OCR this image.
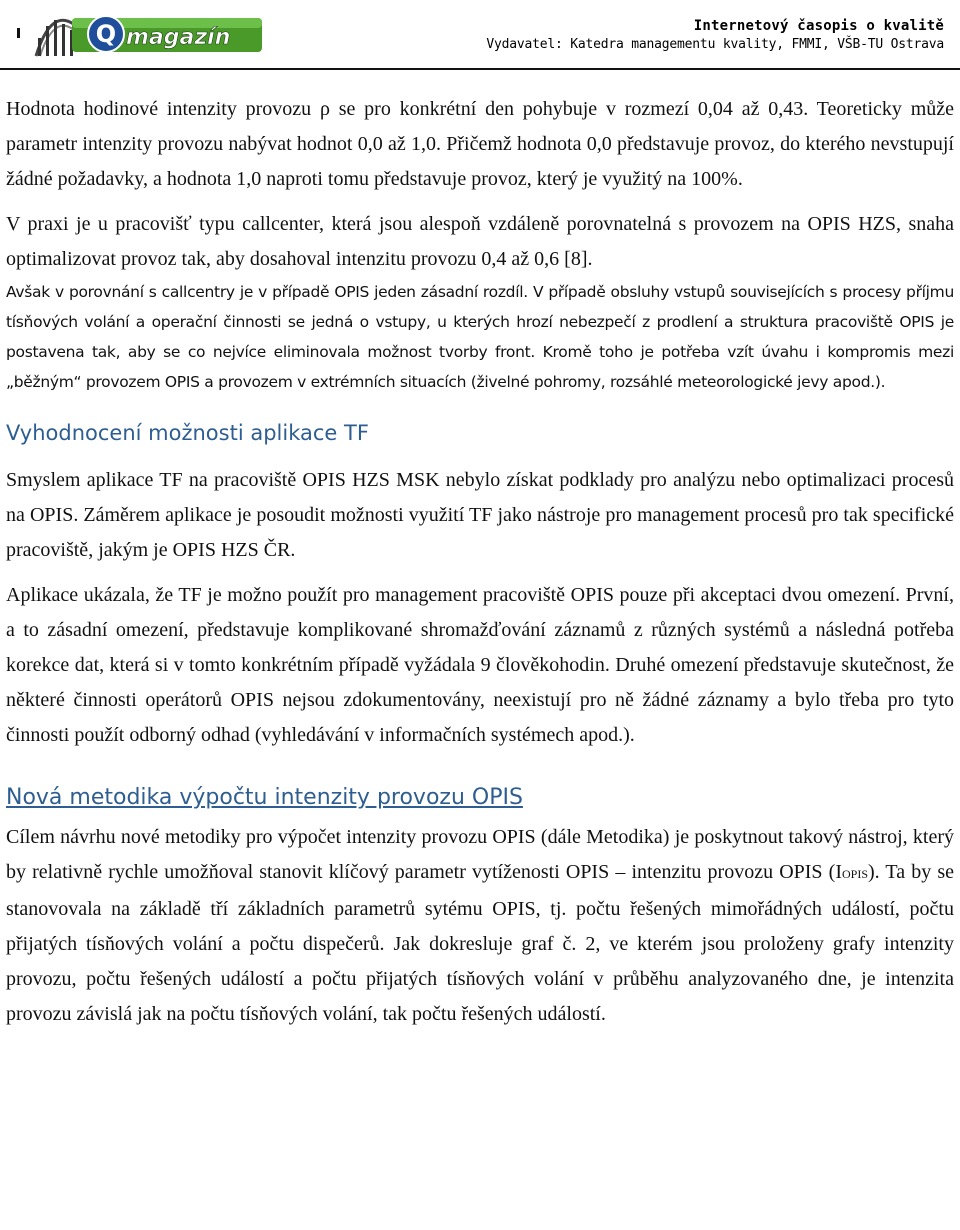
Q magazín	Internetový časopis o kvalitě
Vydavatel: Katedra managementu kvality, FMMI, VŠB-TU Ostrava

Hodnota hodinové intenzity provozu ρ se pro konkrétní den pohybuje v rozmezí 0,04 až 0,43. Teoreticky může parametr intenzity provozu nabývat hodnot 0,0 až 1,0. Přičemž hodnota 0,0 představuje provoz, do kterého nevstupují žádné požadavky, a hodnota 1,0 naproti tomu představuje provoz, který je využitý na 100%.

V praxi je u pracovišť typu callcenter, která jsou alespoň vzdáleně porovnatelná s provozem na OPIS HZS, snaha optimalizovat provoz tak, aby dosahoval intenzitu provozu 0,4 až 0,6 [8].

Avšak v porovnání s callcentry je v případě OPIS jeden zásadní rozdíl. V případě obsluhy vstupů souvisejících s procesy příjmu tísňových volání a operační činnosti se jedná o vstupy, u kterých hrozí nebezpečí z prodlení a struktura pracoviště OPIS je postavena tak, aby se co nejvíce eliminovala možnost tvorby front. Kromě toho je potřeba vzít úvahu i kompromis mezi „běžným“ provozem OPIS a provozem v extrémních situacích (živelné pohromy, rozsáhlé meteorologické jevy apod.).

Vyhodnocení možnosti aplikace TF

Smyslem aplikace TF na pracoviště OPIS HZS MSK nebylo získat podklady pro analýzu nebo optimalizaci procesů na OPIS. Záměrem aplikace je posoudit možnosti využití TF jako nástroje pro management procesů pro tak specifické pracoviště, jakým je OPIS HZS ČR.

Aplikace ukázala, že TF je možno použít pro management pracoviště OPIS pouze při akceptaci dvou omezení. První, a to zásadní omezení, představuje komplikované shromažďování záznamů z různých systémů a následná potřeba korekce dat, která si v tomto konkrétním případě vyžádala 9 člověkohodin. Druhé omezení představuje skutečnost, že některé činnosti operátorů OPIS nejsou zdokumentovány, neexistují pro ně žádné záznamy a bylo třeba pro tyto činnosti použít odborný odhad (vyhledávání v informačních systémech apod.).

Nová metodika výpočtu intenzity provozu OPIS

Cílem návrhu nové metodiky pro výpočet intenzity provozu OPIS (dále Metodika) je poskytnout takový nástroj, který by relativně rychle umožňoval stanovit klíčový parametr vytíženosti OPIS – intenzitu provozu OPIS (IOPIS). Ta by se stanovovala na základě tří základních parametrů sytému OPIS, tj. počtu řešených mimořádných událostí, počtu přijatých tísňových volání a počtu dispečerů. Jak dokresluje graf č. 2, ve kterém jsou proloženy grafy intenzity provozu, počtu řešených událostí a počtu přijatých tísňových volání v průběhu analyzovaného dne, je intenzita provozu závislá jak na počtu tísňových volání, tak počtu řešených událostí.
